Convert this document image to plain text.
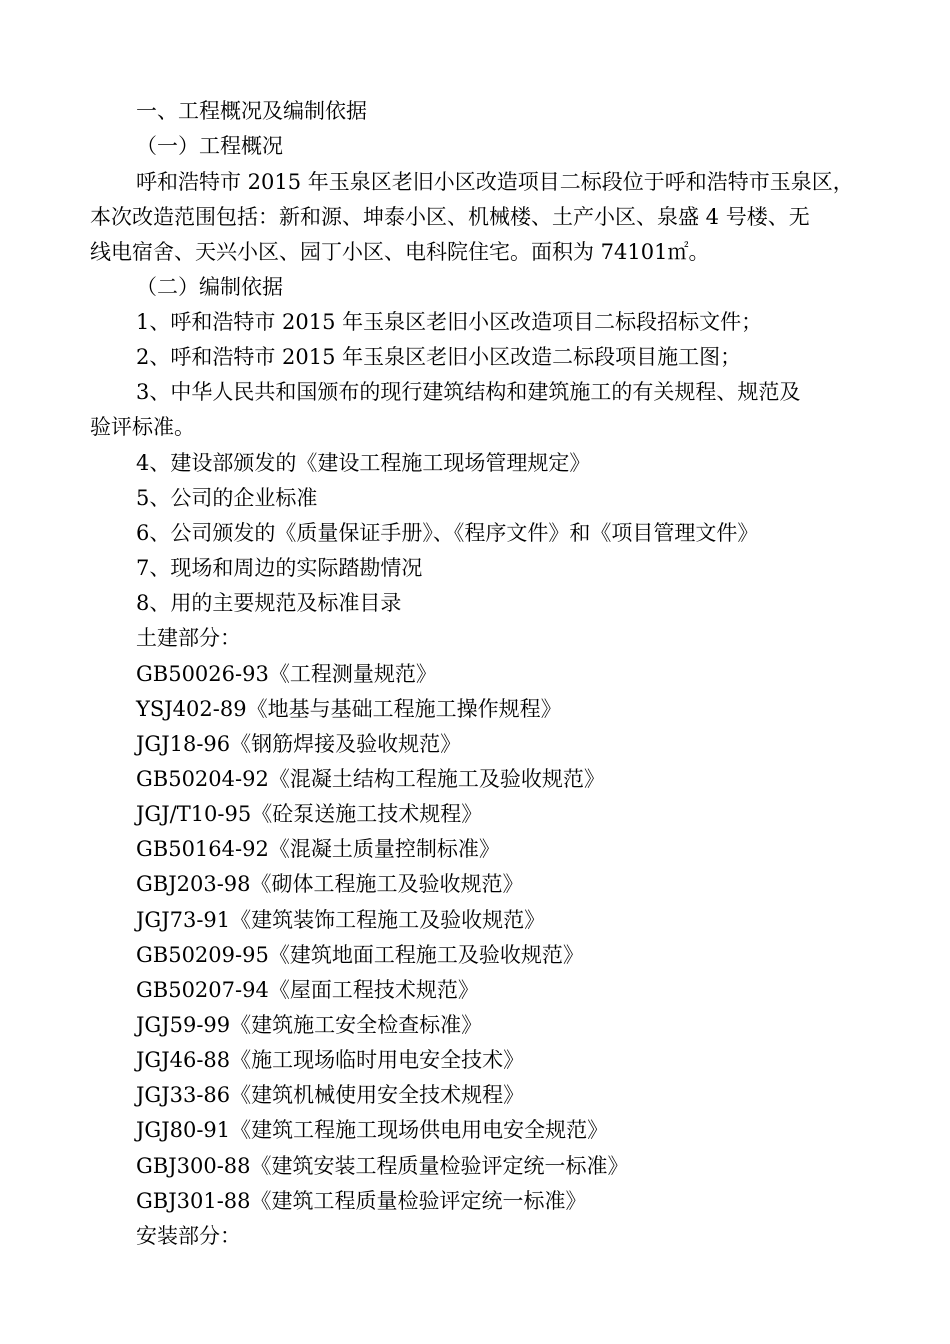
一、工程概况及编制依据
（一）工程概况
呼和浩特市 2015 年玉泉区老旧小区改造项目二标段位于呼和浩特市玉泉区，
本次改造范围包括：新和源、坤泰小区、机械楼、土产小区、泉盛 4 号楼、无
线电宿舍、天兴小区、园丁小区、电科院住宅。面积为 74101㎡。
（二）编制依据
1、呼和浩特市 2015 年玉泉区老旧小区改造项目二标段招标文件；
2、呼和浩特市 2015 年玉泉区老旧小区改造二标段项目施工图；
3、中华人民共和国颁布的现行建筑结构和建筑施工的有关规程、规范及
验评标准。
4、建设部颁发的《建设工程施工现场管理规定》
5、公司的企业标准
6、公司颁发的《质量保证手册》、《程序文件》和《项目管理文件》
7、现场和周边的实际踏勘情况
8、用的主要规范及标准目录
土建部分：
GB50026-93《工程测量规范》
YSJ402-89《地基与基础工程施工操作规程》
JGJ18-96《钢筋焊接及验收规范》
GB50204-92《混凝土结构工程施工及验收规范》
JGJ/T10-95《砼泵送施工技术规程》
GB50164-92《混凝土质量控制标准》
GBJ203-98《砌体工程施工及验收规范》
JGJ73-91《建筑装饰工程施工及验收规范》
GB50209-95《建筑地面工程施工及验收规范》
GB50207-94《屋面工程技术规范》
JGJ59-99《建筑施工安全检查标准》
JGJ46-88《施工现场临时用电安全技术》
JGJ33-86《建筑机械使用安全技术规程》
JGJ80-91《建筑工程施工现场供电用电安全规范》
GBJ300-88《建筑安装工程质量检验评定统一标准》
GBJ301-88《建筑工程质量检验评定统一标准》
安装部分：
